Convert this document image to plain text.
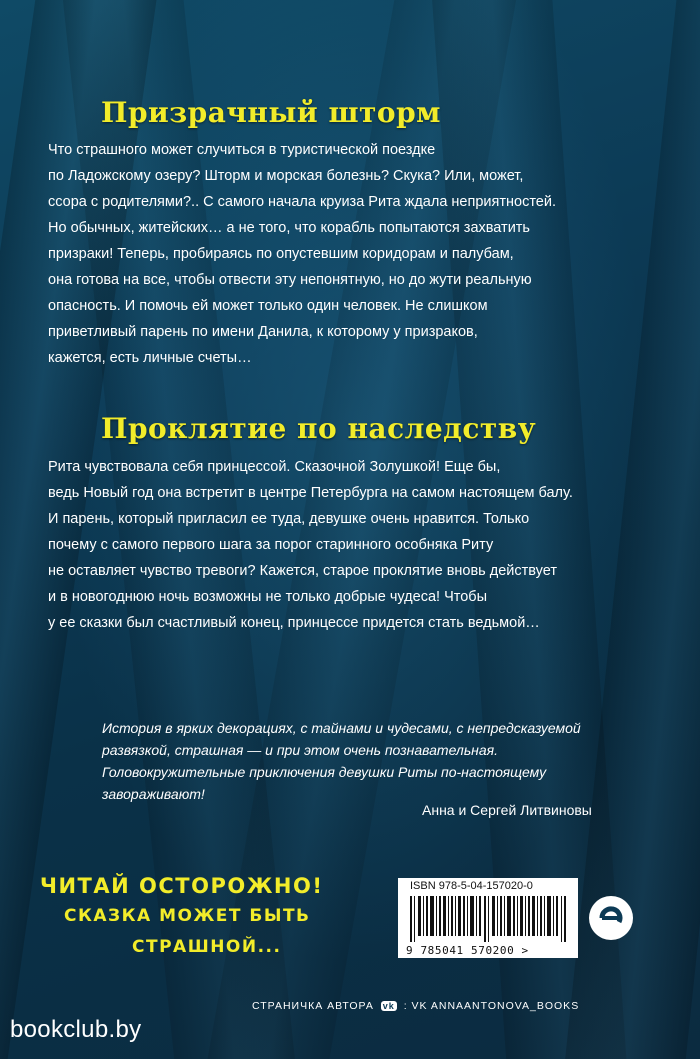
Призрачный шторм
Что страшного может случиться в туристической поездке
по Ладожскому озеру? Шторм и морская болезнь? Скука? Или, может,
ссора с родителями?.. С самого начала круиза Рита ждала неприятностей.
Но обычных, житейских… а не того, что корабль попытаются захватить
призраки! Теперь, пробираясь по опустевшим коридорам и палубам,
она готова на все, чтобы отвести эту непонятную, но до жути реальную
опасность. И помочь ей может только один человек. Не слишком
приветливый парень по имени Данила, к которому у призраков,
кажется, есть личные счеты…
Проклятие по наследству
Рита чувствовала себя принцессой. Сказочной Золушкой! Еще бы,
ведь Новый год она встретит в центре Петербурга на самом настоящем балу.
И парень, который пригласил ее туда, девушке очень нравится. Только
почему с самого первого шага за порог старинного особняка Риту
не оставляет чувство тревоги? Кажется, старое проклятие вновь действует
и в новогоднюю ночь возможны не только добрые чудеса! Чтобы
у ее сказки был счастливый конец, принцессе придется стать ведьмой…
История в ярких декорациях, с тайнами и чудесами, с непредсказуемой
развязкой, страшная — и при этом очень познавательная.
Головокружительные приключения девушки Риты по-настоящему
завораживают!
Анна и Сергей Литвиновы
ЧИТАЙ ОСТОРОЖНО!
СКАЗКА МОЖЕТ БЫТЬ
СТРАШНОЙ...
ISBN 978-5-04-157020-0
9 785041 570200 >
СТРАНИЧКА АВТОРА vk : VK ANNAANTONOVA_BOOKS
bookclub.by
